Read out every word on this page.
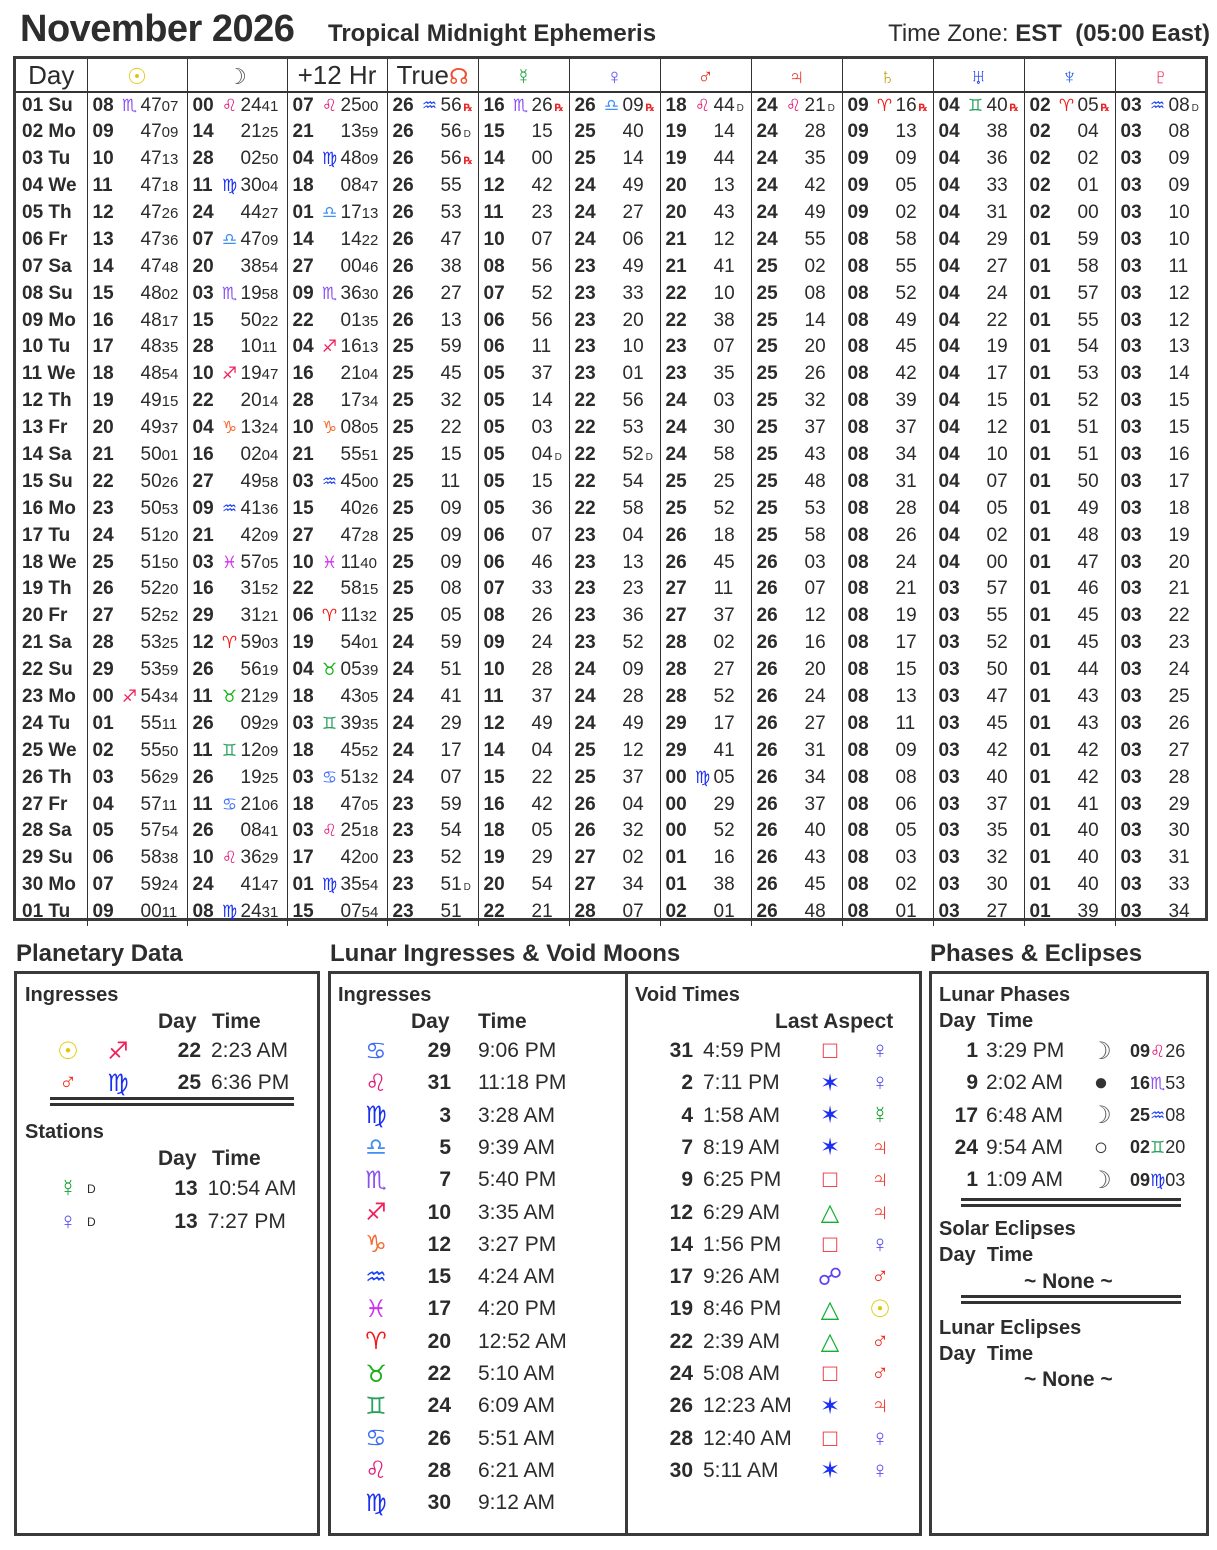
November 2026 Tropical Midnight Ephemeris	Time Zone: EST (05:00 East)
Day	☉︎	☽︎	+12 Hr	True☊︎	☿︎	♀︎	♂︎	♃︎	♄︎	♅︎	♆︎	♇︎
01 Su	08 ♏︎ 47 07	00 ♌︎ 24 41	07 ♌︎ 25 00	26 ♒︎ 56 ℞	16 ♏︎ 26 ℞	26 ♎︎ 09 ℞	18 ♌︎ 44 D	24 ♌︎ 21 D	09 ♈︎ 16 ℞	04 ♊︎ 40 ℞	02 ♈︎ 05 ℞	03 ♒︎ 08 D

02 Mo	09 47 09	14 21 25	21 13 59	26 56 D	15 15	25 40	19 14	24 28	09 13	04 38	02 04	03 08

03 Tu	10 47 13	28 02 50	04 ♍︎ 48 09	26 56 ℞	14 00	25 14	19 44	24 35	09 09	04 36	02 02	03 09

04 We	11 47 18	11 ♍︎ 30 04	18 08 47	26 55	12 42	24 49	20 13	24 42	09 05	04 33	02 01	03 09

05 Th	12 47 26	24 44 27	01 ♎︎ 17 13	26 53	11 23	24 27	20 43	24 49	09 02	04 31	02 00	03 10

06 Fr	13 47 36	07 ♎︎ 47 09	14 14 22	26 47	10 07	24 06	21 12	24 55	08 58	04 29	01 59	03 10

07 Sa	14 47 48	20 38 54	27 00 46	26 38	08 56	23 49	21 41	25 02	08 55	04 27	01 58	03 11

08 Su	15 48 02	03 ♏︎ 19 58	09 ♏︎ 36 30	26 27	07 52	23 33	22 10	25 08	08 52	04 24	01 57	03 12

09 Mo	16 48 17	15 50 22	22 01 35	26 13	06 56	23 20	22 38	25 14	08 49	04 22	01 55	03 12

10 Tu	17 48 35	28 10 11	04 ♐︎ 16 13	25 59	06 11	23 10	23 07	25 20	08 45	04 19	01 54	03 13

11 We	18 48 54	10 ♐︎ 19 47	16 21 04	25 45	05 37	23 01	23 35	25 26	08 42	04 17	01 53	03 14

12 Th	19 49 15	22 20 14	28 17 34	25 32	05 14	22 56	24 03	25 32	08 39	04 15	01 52	03 15

13 Fr	20 49 37	04 ♑︎ 13 24	10 ♑︎ 08 05	25 22	05 03	22 53	24 30	25 37	08 37	04 12	01 51	03 15

14 Sa	21 50 01	16 02 04	21 55 51	25 15	05 04 D	22 52 D	24 58	25 43	08 34	04 10	01 51	03 16

15 Su	22 50 26	27 49 58	03 ♒︎ 45 00	25 11	05 15	22 54	25 25	25 48	08 31	04 07	01 50	03 17

16 Mo	23 50 53	09 ♒︎ 41 36	15 40 26	25 09	05 36	22 58	25 52	25 53	08 28	04 05	01 49	03 18

17 Tu	24 51 20	21 42 09	27 47 28	25 09	06 07	23 04	26 18	25 58	08 26	04 02	01 48	03 19

18 We	25 51 50	03 ♓︎ 57 05	10 ♓︎ 11 40	25 09	06 46	23 13	26 45	26 03	08 24	04 00	01 47	03 20

19 Th	26 52 20	16 31 52	22 58 15	25 08	07 33	23 23	27 11	26 07	08 21	03 57	01 46	03 21

20 Fr	27 52 52	29 31 21	06 ♈︎ 11 32	25 05	08 26	23 36	27 37	26 12	08 19	03 55	01 45	03 22

21 Sa	28 53 25	12 ♈︎ 59 03	19 54 01	24 59	09 24	23 52	28 02	26 16	08 17	03 52	01 45	03 23

22 Su	29 53 59	26 56 19	04 ♉︎ 05 39	24 51	10 28	24 09	28 27	26 20	08 15	03 50	01 44	03 24

23 Mo	00 ♐︎ 54 34	11 ♉︎ 21 29	18 43 05	24 41	11 37	24 28	28 52	26 24	08 13	03 47	01 43	03 25

24 Tu	01 55 11	26 09 29	03 ♊︎ 39 35	24 29	12 49	24 49	29 17	26 27	08 11	03 45	01 43	03 26

25 We	02 55 50	11 ♊︎ 12 09	18 45 52	24 17	14 04	25 12	29 41	26 31	08 09	03 42	01 42	03 27

26 Th	03 56 29	26 19 25	03 ♋︎ 51 32	24 07	15 22	25 37	00 ♍︎ 05	26 34	08 08	03 40	01 42	03 28

27 Fr	04 57 11	11 ♋︎ 21 06	18 47 05	23 59	16 42	26 04	00 29	26 37	08 06	03 37	01 41	03 29

28 Sa	05 57 54	26 08 41	03 ♌︎ 25 18	23 54	18 05	26 32	00 52	26 40	08 05	03 35	01 40	03 30

29 Su	06 58 38	10 ♌︎ 36 29	17 42 00	23 52	19 29	27 02	01 16	26 43	08 03	03 32	01 40	03 31

30 Mo	07 59 24	24 41 47	01 ♍︎ 35 54	23 51 D	20 54	27 34	01 38	26 45	08 02	03 30	01 40	03 33

01 Tu	09 00 11	08 ♍︎ 24 31	15 07 54	23 51	22 21	28 07	02 01	26 48	08 01	03 27	01 39	03 34
Planetary Data
Ingresses
Day Time
☉︎	♐︎	22 2:23 AM
♂︎	♍︎	25 6:36 PM
Stations
Day Time
☿︎ D	13 10:54 AM
♀︎ D	13 7:27 PM
Lunar Ingresses & Void Moons
Ingresses
Day Time
♋︎	29 9:06 PM
♌︎	31 11:18 PM
♍︎	3 3:28 AM
♎︎	5 9:39 AM
♏︎	7 5:40 PM
♐︎	10 3:35 AM
♑︎	12 3:27 PM
♒︎	15 4:24 AM
♓︎	17 4:20 PM
♈︎	20 12:52 AM
♉︎	22 5:10 AM
♊︎	24 6:09 AM
♋︎	26 5:51 AM
♌︎	28 6:21 AM
♍︎	30 9:12 AM
Void Times
Last Aspect
31 4:59 PM	□︎	♀︎
2 7:11 PM	✶︎ ♀︎
4 1:58 AM	✶︎ ☿︎
7 8:19 AM	✶︎ ♃︎
9 6:25 PM	□︎	♃︎
12 6:29 AM	△︎ ♃︎
14 1:56 PM	□︎	♀︎
17 9:26 AM	☍︎ ♂︎
19 8:46 PM	△︎ ☉︎
22 2:39 AM	△︎ ♂︎
24 5:08 AM	□︎	♂︎
26 12:23 AM	✶︎ ♃︎
28 12:40 AM	□︎	♀︎
30 5:11 AM	✶︎ ♀︎
Phases & Eclipses
Lunar Phases
Day Time
1 3:29 PM	☽︎ 09♌︎26
9 2:02 AM	●︎	16♏︎53
17 6:48 AM	☽︎ 25♒︎08
24 9:54 AM	○︎	02♊︎20
1 1:09 AM	☽︎ 09♍︎03
Solar Eclipses
Day Time
~ None ~
Lunar Eclipses
Day Time
~ None ~
